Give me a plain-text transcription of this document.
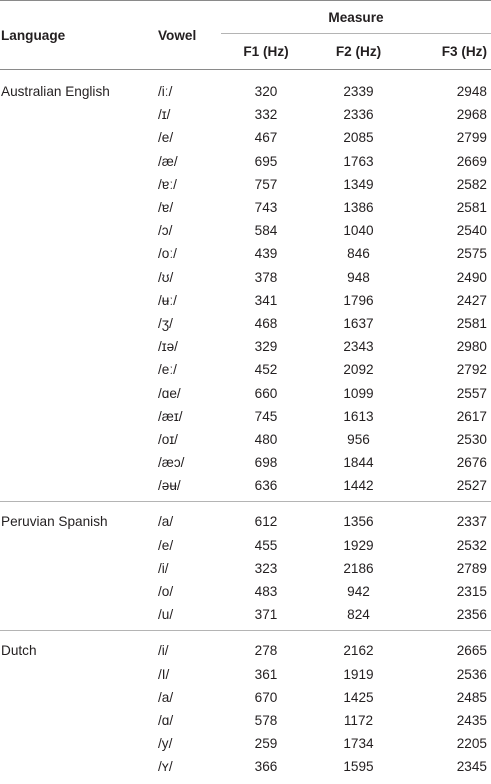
Language	Vowel	Measure		
		F1 (Hz)	F2 (Hz)	F3 (Hz)
Australian English	/iː/	320	2339	2948
	/ɪ/	332	2336	2968
	/e/	467	2085	2799
	/æ/	695	1763	2669
	/ɐː/	757	1349	2582
	/ɐ/	743	1386	2581
	/ɔ/	584	1040	2540
	/oː/	439	846	2575
	/ʊ/	378	948	2490
	/ʉː/	341	1796	2427
	/ʒ/	468	1637	2581
	/ɪə/	329	2343	2980
	/eː/	452	2092	2792
	/ɑe/	660	1099	2557
	/æɪ/	745	1613	2617
	/oɪ/	480	956	2530
	/æɔ/	698	1844	2676
	/əʉ/	636	1442	2527
Peruvian Spanish	/a/	612	1356	2337
	/e/	455	1929	2532
	/i/	323	2186	2789
	/o/	483	942	2315
	/u/	371	824	2356
Dutch	/i/	278	2162	2665
	/I/	361	1919	2536
	/a/	670	1425	2485
	/ɑ/	578	1172	2435
	/y/	259	1734	2205
	/ʏ/	366	1595	2345
